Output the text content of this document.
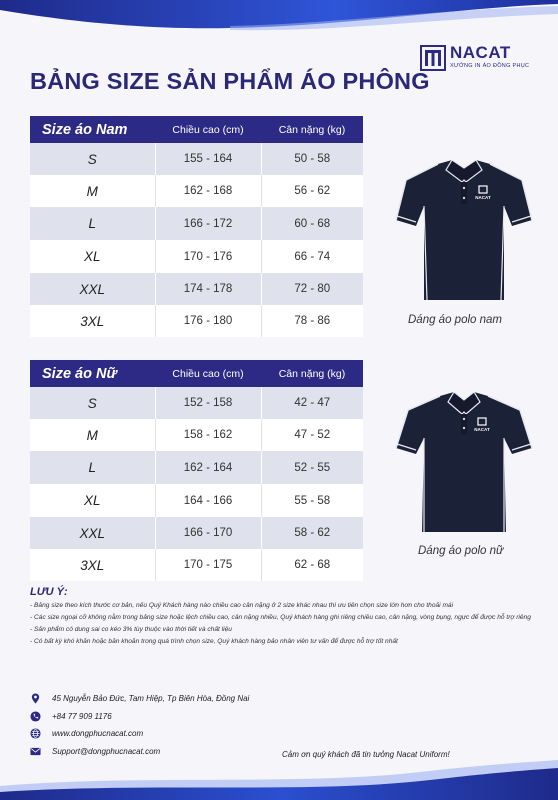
NACAT
XƯỞNG IN ÁO ĐỒNG PHỤC
BẢNG SIZE SẢN PHẨM ÁO PHÔNG
Size áo Nam	Chiều cao (cm)	Cân nặng (kg)
S	155 - 164	50 - 58
M	162 - 168	56 - 62
L	166 - 172	60 - 68
XL	170 - 176	66 - 74
XXL	174 - 178	72 - 80
3XL	176 - 180	78 - 86
Size áo Nữ	Chiều cao (cm)	Cân nặng (kg)
S	152 - 158	42 - 47
M	158 - 162	47 - 52
L	162 - 164	52 - 55
XL	164 - 166	55 - 58
XXL	166 - 170	58 - 62
3XL	170 - 175	62 - 68
NACAT
Dáng áo polo nam
NACAT
Dáng áo polo nữ
LƯU Ý:

- Bảng size theo kích thước cơ bản, nếu Quý Khách hàng nào chiều cao cân nặng ở 2 size khác nhau thì ưu tiên chọn size lớn hơn cho thoải mái

- Các size ngoại cỡ không nằm trong bảng size hoặc lệch chiều cao, cân nặng nhiều, Quý khách hàng ghi riêng chiều cao, cân nặng, vòng bụng, ngực để được hỗ trợ riêng

- Sản phẩm có dung sai co kéo 3% tùy thuộc vào thời tiết và chất liệu

- Có bất kỳ khó khăn hoặc băn khoăn trong quá trình chọn size, Quý khách hàng bảo nhân viên tư vấn để được hỗ trợ tốt nhất

45 Nguyễn Bảo Đức, Tam Hiệp, Tp Biên Hòa, Đồng Nai
+84 77 909 1176
www.dongphucnacat.com
Support@dongphucnacat.com	Cảm ơn quý khách đã tin tưởng Nacat Uniform!
